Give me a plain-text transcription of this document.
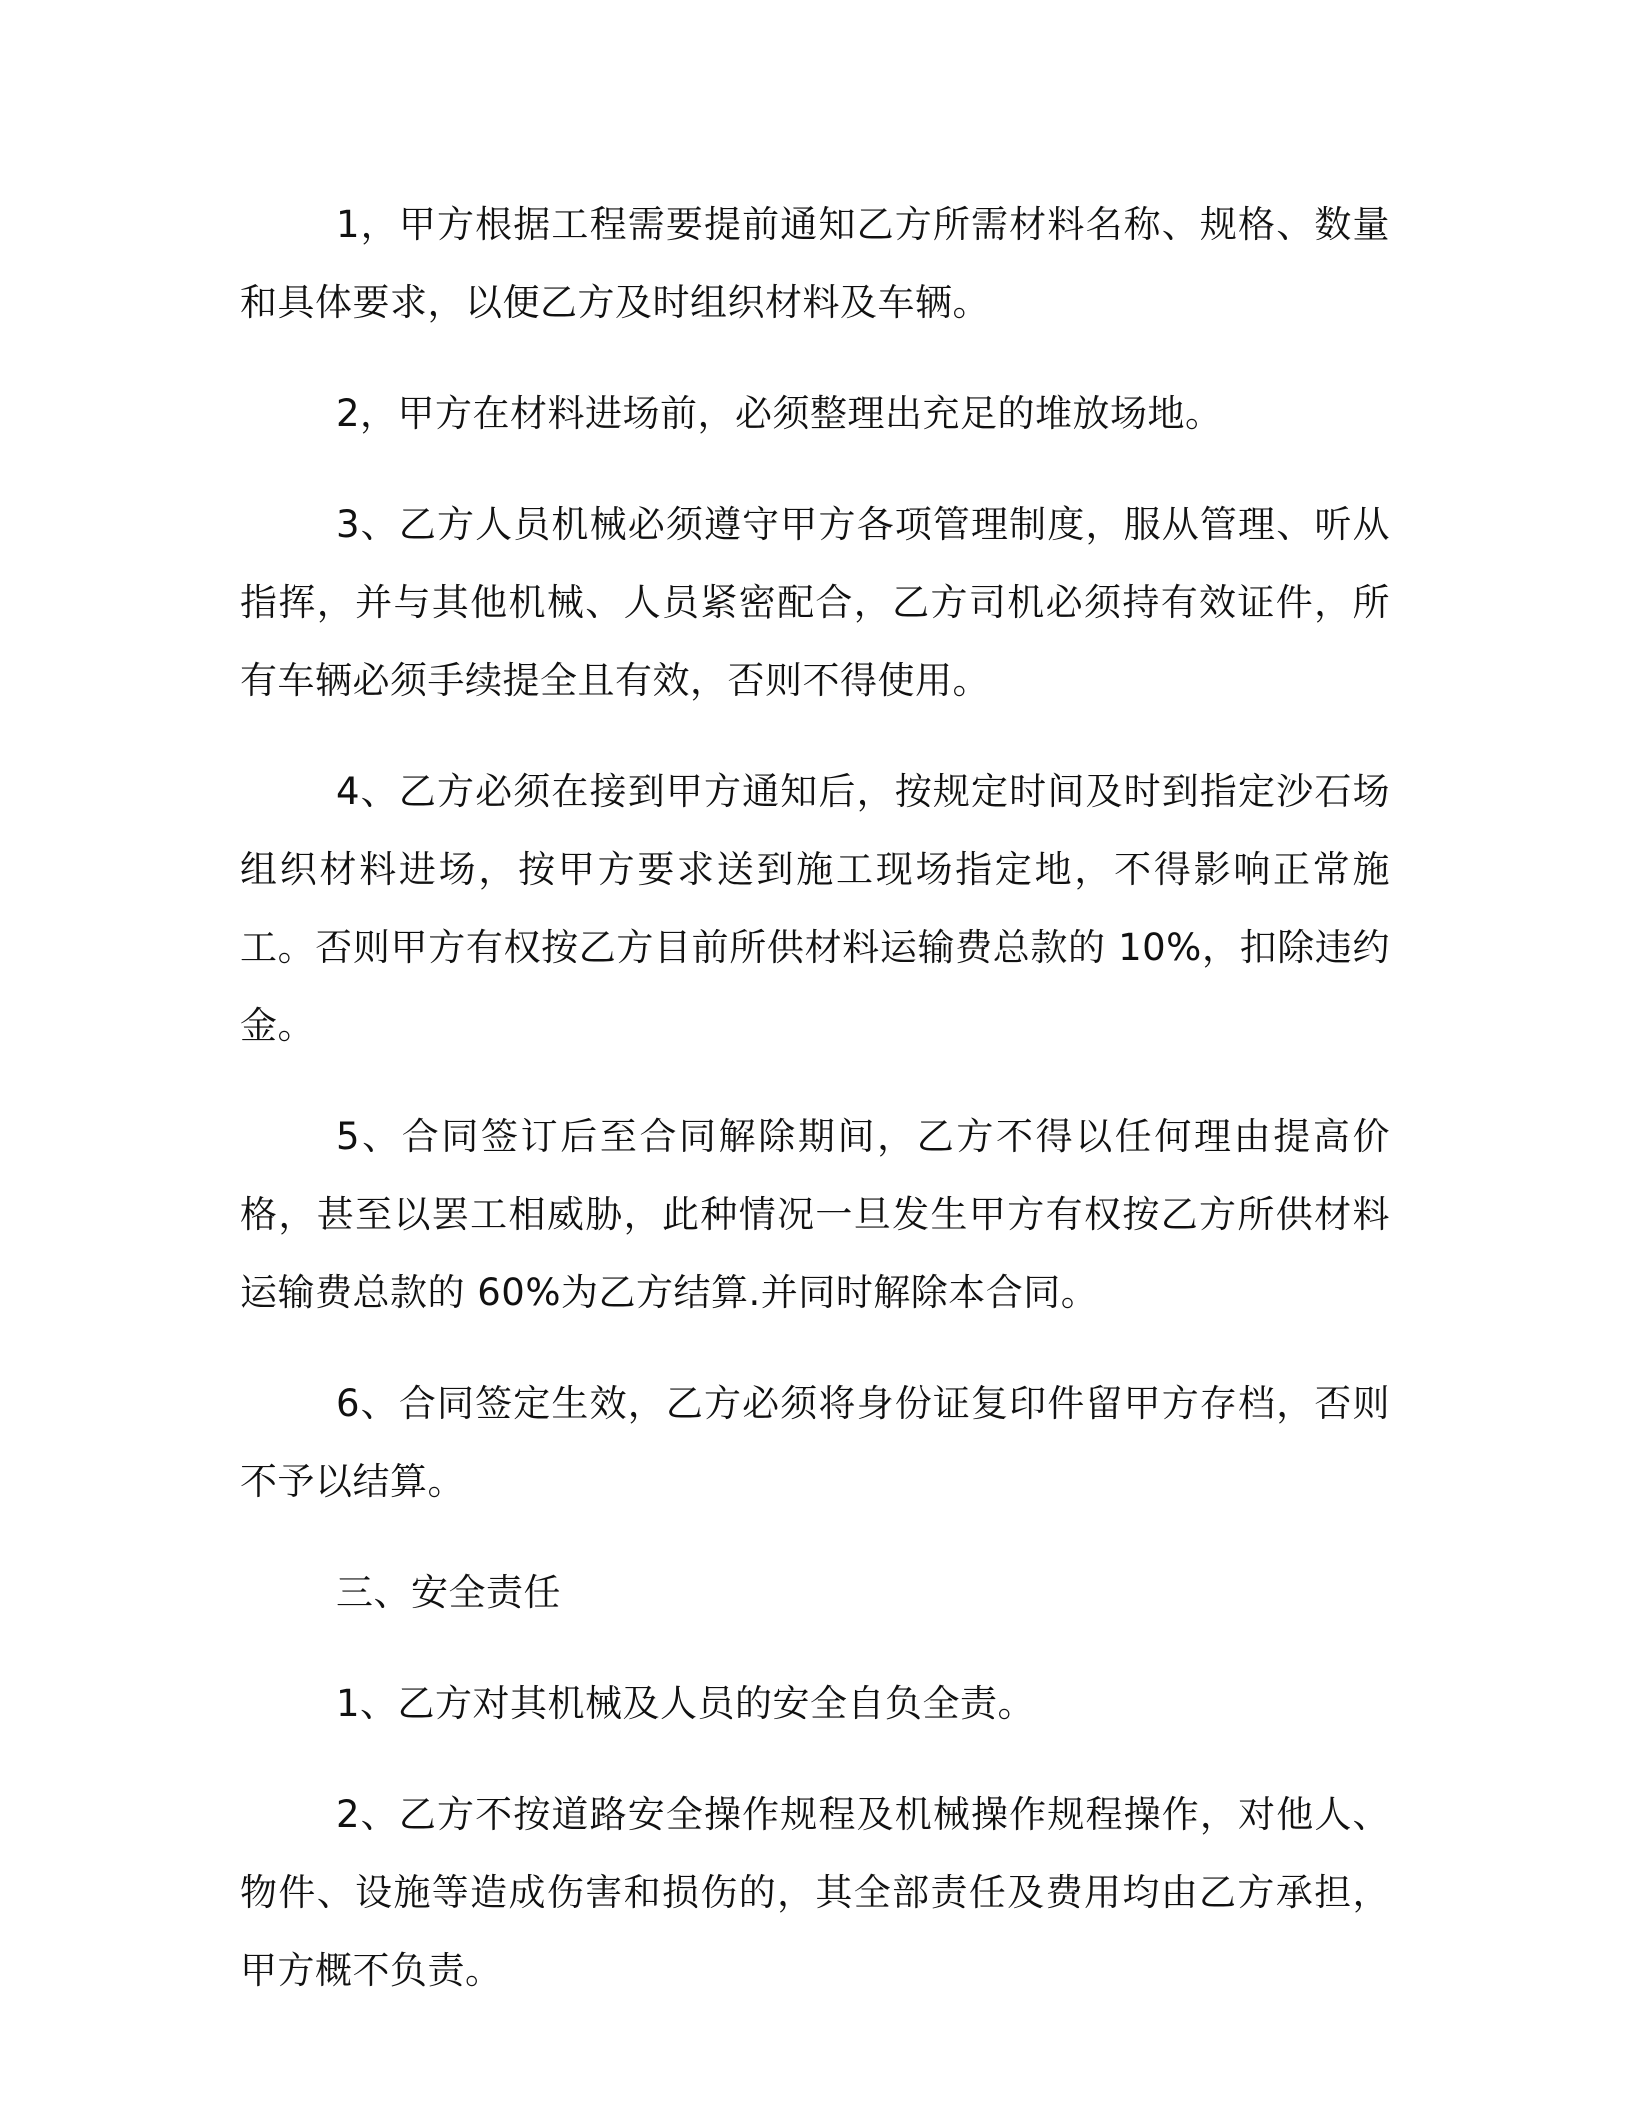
1，甲方根据工程需要提前通知乙方所需材料名称、规格、数量和具体要求，以便乙方及时组织材料及车辆。

2，甲方在材料进场前，必须整理出充足的堆放场地。

3、乙方人员机械必须遵守甲方各项管理制度，服从管理、听从指挥，并与其他机械、人员紧密配合，乙方司机必须持有效证件，所有车辆必须手续提全且有效，否则不得使用。

4、乙方必须在接到甲方通知后，按规定时间及时到指定沙石场组织材料进场，按甲方要求送到施工现场指定地，不得影响正常施工。否则甲方有权按乙方目前所供材料运输费总款的 10%，扣除违约金。

5、合同签订后至合同解除期间，乙方不得以任何理由提高价格，甚至以罢工相威胁，此种情况一旦发生甲方有权按乙方所供材料运输费总款的 60%为乙方结算.并同时解除本合同。

6、合同签定生效，乙方必须将身份证复印件留甲方存档，否则不予以结算。

三、安全责任

1、乙方对其机械及人员的安全自负全责。

2、乙方不按道路安全操作规程及机械操作规程操作，对他人、物件、设施等造成伤害和损伤的，其全部责任及费用均由乙方承担，甲方概不负责。
